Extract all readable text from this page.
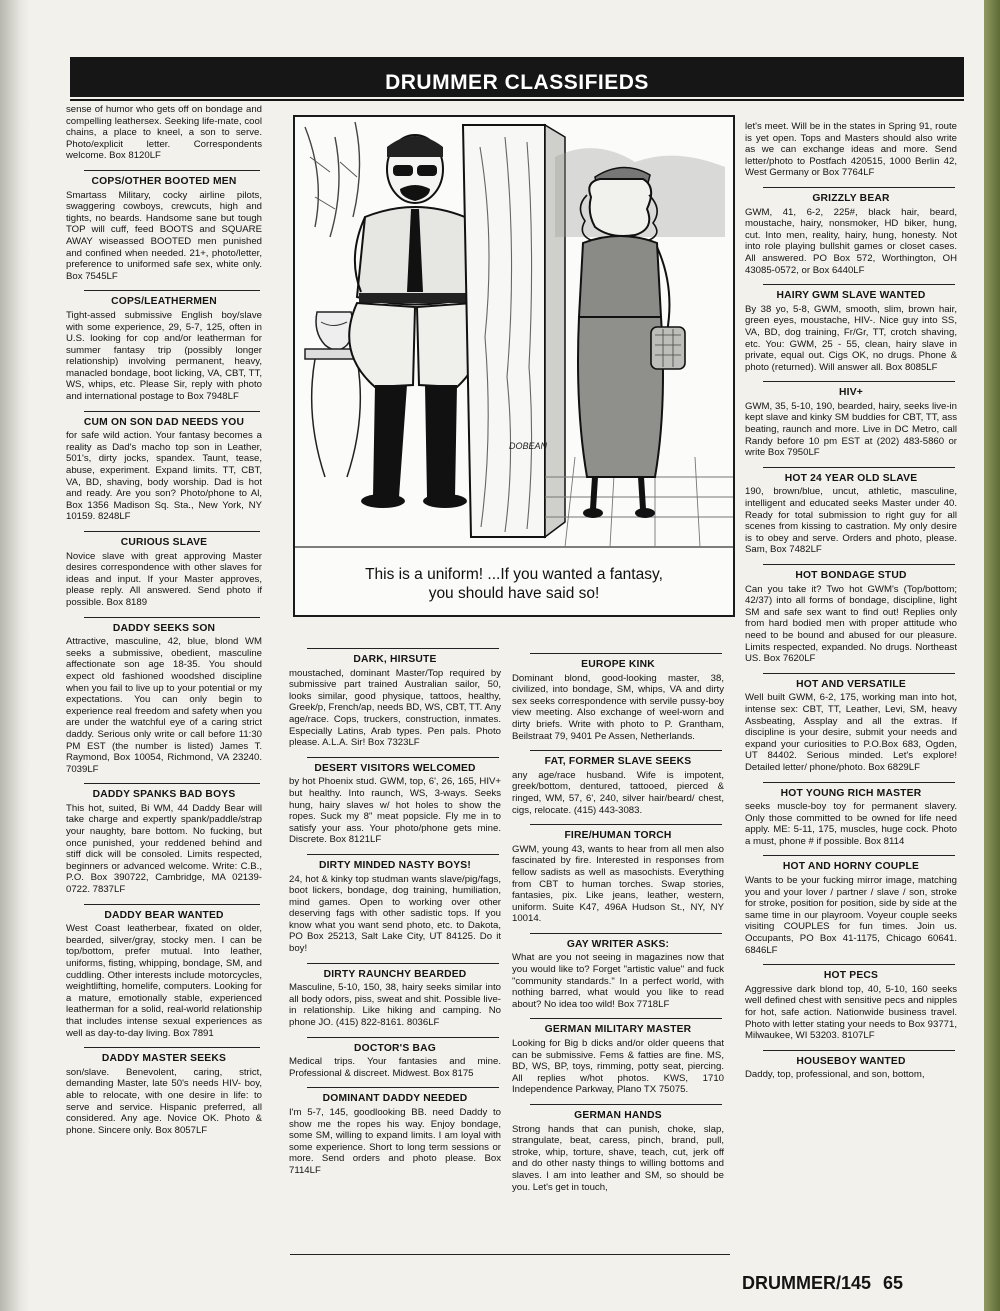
DRUMMER CLASSIFIEDS

sense of humor who gets off on bondage and compelling leathersex. Seeking life-mate, cool chains, a place to kneel, a son to serve. Photo/explicit letter. Correspondents welcome. Box 8120LF

COPS/OTHER BOOTED MEN

Smartass Military, cocky airline pilots, swaggering cowboys, crewcuts, high and tights, no beards. Handsome sane but tough TOP will cuff, feed BOOTS and SQUARE AWAY wiseassed BOOTED men punished and confined when needed. 21+, photo/letter, preference to uniformed safe sex, white only. Box 7545LF

COPS/LEATHERMEN

Tight-assed submissive English boy/slave with some experience, 29, 5-7, 125, often in U.S. looking for cop and/or leatherman for summer fantasy trip (possibly longer relationship) involving permanent, heavy, manacled bondage, boot licking, VA, CBT, TT, WS, whips, etc. Please Sir, reply with photo and international postage to Box 7948LF

CUM ON SON DAD NEEDS YOU

for safe wild action. Your fantasy becomes a reality as Dad's macho top son in Leather, 501's, dirty jocks, spandex. Taunt, tease, abuse, experiment. Expand limits. TT, CBT, VA, BD, shaving, body worship. Dad is hot and ready. Are you son? Photo/phone to Al, Box 1356 Madison Sq. Sta., New York, NY 10159. 8248LF

CURIOUS SLAVE

Novice slave with great approving Master desires correspondence with other slaves for ideas and input. If your Master approves, please reply. All answered. Send photo if possible. Box 8189

DADDY SEEKS SON

Attractive, masculine, 42, blue, blond WM seeks a submissive, obedient, masculine affectionate son age 18-35. You should expect old fashioned woodshed discipline when you fail to live up to your potential or my expectations. You can only begin to experience real freedom and safety when you are under the watchful eye of a caring strict daddy. Serious only write or call before 11:30 PM EST (the number is listed) James T. Raymond, Box 10054, Richmond, VA 23240. 7039LF

DADDY SPANKS BAD BOYS

This hot, suited, Bi WM, 44 Daddy Bear will take charge and expertly spank/paddle/strap your naughty, bare bottom. No fucking, but once punished, your reddened behind and stiff dick will be consoled. Limits respected, beginners or advanced welcome. Write: C.B., P.O. Box 390722, Cambridge, MA 02139-0722. 7837LF

DADDY BEAR WANTED

West Coast leatherbear, fixated on older, bearded, silver/gray, stocky men. I can be top/bottom, prefer mutual. Into leather, uniforms, fisting, whipping, bondage, SM, and cuddling. Other interests include motorcycles, weightlifting, homelife, computers. Looking for a mature, emotionally stable, experienced leatherman for a solid, real-world relationship that includes intense sexual experiences as well as day-to-day living. Box 7891

DADDY MASTER SEEKS

son/slave. Benevolent, caring, strict, demanding Master, late 50's needs HIV- boy, able to relocate, with one desire in life: to serve and service. Hispanic preferred, all considered. Any age. Novice OK. Photo & phone. Sincere only. Box 8057LF

DARK, HIRSUTE

moustached, dominant Master/Top required by submissive part trained Australian sailor, 50, looks similar, good physique, tattoos, healthy, Greek/p, French/ap, needs BD, WS, CBT, TT. Any age/race. Cops, truckers, construction, inmates. Especially Latins, Arab types. Pen pals. Photo please. A.L.A. Sir! Box 7323LF

DESERT VISITORS WELCOMED

by hot Phoenix stud. GWM, top, 6', 26, 165, HIV+ but healthy. Into raunch, WS, 3-ways. Seeks hung, hairy slaves w/ hot holes to show the ropes. Suck my 8" meat popsicle. Fly me in to satisfy your ass. Your photo/phone gets mine. Discrete. Box 8121LF

DIRTY MINDED NASTY BOYS!

24, hot & kinky top studman wants slave/pig/fags, boot lickers, bondage, dog training, humiliation, mind games. Open to working over other deserving fags with other sadistic tops. If you know what you want send photo, etc. to Dakota, PO Box 25213, Salt Lake City, UT 84125. Do it boy!

DIRTY RAUNCHY BEARDED

Masculine, 5-10, 150, 38, hairy seeks similar into all body odors, piss, sweat and shit. Possible live-in relationship. Like hiking and camping. No phone JO. (415) 822-8161. 8036LF

DOCTOR'S BAG

Medical trips. Your fantasies and mine. Professional & discreet. Midwest. Box 8175

DOMINANT DADDY NEEDED

I'm 5-7, 145, goodlooking BB. need Daddy to show me the ropes his way. Enjoy bondage, some SM, willing to expand limits. I am loyal with some experience. Short to long term sessions or more. Send orders and photo please. Box 7114LF

EUROPE KINK

Dominant blond, good-looking master, 38, civilized, into bondage, SM, whips, VA and dirty sex seeks correspondence with servile pussy-boy view meeting. Also exchange of weel-worn and dirty briefs. Write with photo to P. Grantham, Beilstraat 79, 9401 Pe Assen, Netherlands.

FAT, FORMER SLAVE SEEKS

any age/race husband. Wife is impotent, greek/bottom, dentured, tattooed, pierced & ringed, WM, 57, 6', 240, silver hair/beard/ chest, cigs, relocate. (415) 443-3083.

FIRE/HUMAN TORCH

GWM, young 43, wants to hear from all men also fascinated by fire. Interested in responses from fellow sadists as well as masochists. Everything from CBT to human torches. Swap stories, fantasies, pix. Like jeans, leather, western, uniform. Suite K47, 496A Hudson St., NY, NY 10014.

GAY WRITER ASKS:

What are you not seeing in magazines now that you would like to? Forget "artistic value" and fuck "community standards." In a perfect world, with nothing barred, what would you like to read about? No idea too wild! Box 7718LF

GERMAN MILITARY MASTER

Looking for Big b dicks and/or older queens that can be submissive. Fems & fatties are fine. MS, BD, WS, BP, toys, rimming, potty seat, piercing. All replies w/hot photos. KWS, 1710 Independence Parkway, Plano TX 75075.

GERMAN HANDS

Strong hands that can punish, choke, slap, strangulate, beat, caress, pinch, brand, pull, stroke, whip, torture, shave, teach, cut, jerk off and do other nasty things to willing bottoms and slaves. I am into leather and SM, so should be you. Let's get in touch,

let's meet. Will be in the states in Spring 91, route is yet open. Tops and Masters should also write as we can exchange ideas and more. Send letter/photo to Postfach 420515, 1000 Berlin 42, West Germany or Box 7764LF

GRIZZLY BEAR

GWM, 41, 6-2, 225#, black hair, beard, moustache, hairy, nonsmoker, HD biker, hung, cut. Into men, reality, hairy, hung, honesty. Not into role playing bullshit games or closet cases. All answered. PO Box 572, Worthington, OH 43085-0572, or Box 6440LF

HAIRY GWM SLAVE WANTED

By 38 yo, 5-8, GWM, smooth, slim, brown hair, green eyes, moustache, HIV-. Nice guy into SS, VA, BD, dog training, Fr/Gr, TT, crotch shaving, etc. You: GWM, 25 - 55, clean, hairy slave in private, equal out. Cigs OK, no drugs. Phone & photo (returned). Will answer all. Box 8085LF

HIV+

GWM, 35, 5-10, 190, bearded, hairy, seeks live-in kept slave and kinky SM buddies for CBT, TT, ass beating, raunch and more. Live in DC Metro, call Randy before 10 pm EST at (202) 483-5860 or write Box 7950LF

HOT 24 YEAR OLD SLAVE

190, brown/blue, uncut, athletic, masculine, intelligent and educated seeks Master under 40. Ready for total submission to right guy for all scenes from kissing to castration. My only desire is to obey and serve. Orders and photo, please. Sam, Box 7482LF

HOT BONDAGE STUD

Can you take it? Two hot GWM's (Top/bottom; 42/37) into all forms of bondage, discipline, light SM and safe sex want to find out! Replies only from hard bodied men with proper attitude who need to be bound and abused for our pleasure. Limits respected, expanded. No drugs. Northeast US. Box 7620LF

HOT AND VERSATILE

Well built GWM, 6-2, 175, working man into hot, intense sex: CBT, TT, Leather, Levi, SM, heavy Assbeating, Assplay and all the extras. If discipline is your desire, submit your needs and expand your curiosities to P.O.Box 683, Ogden, UT 84402. Serious minded. Let's explore! Detailed letter/ phone/photo. Box 6829LF

HOT YOUNG RICH MASTER

seeks muscle-boy toy for permanent slavery. Only those committed to be owned for life need apply. ME: 5-11, 175, muscles, huge cock. Photo a must, phone # if possible. Box 8114

HOT AND HORNY COUPLE

Wants to be your fucking mirror image, matching you and your lover / partner / slave / son, stroke for stroke, position for position, side by side at the same time in our playroom. Voyeur couple seeks visiting COUPLES for fun times. Join us. Occupants, PO Box 41-1175, Chicago 60641. 6846LF

HOT PECS

Aggressive dark blond top, 40, 5-10, 160 seeks well defined chest with sensitive pecs and nipples for hot, safe action. Nationwide business travel. Photo with letter stating your needs to Box 93771, Milwaukee, WI 53203. 8107LF

HOUSEBOY WANTED

Daddy, top, professional, and son, bottom,

DOBEAN
This is a uniform! ...If you wanted a fantasy,
you should have said so!
DRUMMER/145 65
